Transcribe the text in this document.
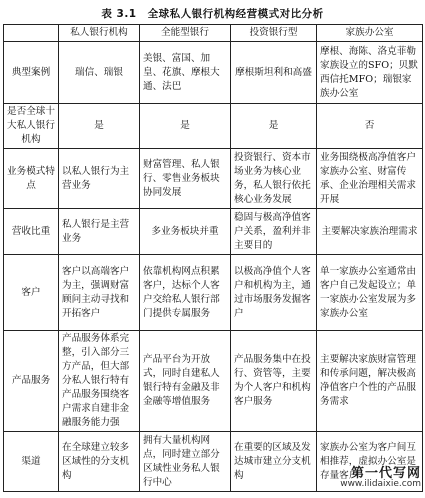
表 3.1　全球私人银行机构经营模式对比分析
	私人银行机构	全能型银行	投资银行型	家族办公室
典型案例	瑞信、瑞银	美银、富国、加皇、花旗、摩根大通、法巴	摩根斯坦利和高盛	摩根、海陈、洛克菲勒家族设立的SFO；贝默西信托MFO；瑞银家族办公室
是否全球十大私人银行机构	是	是	是	否
业务模式特点	以私人银行为主营业务	财富管理、私人银行、零售业务板块协同发展	投资银行、资本市场业务为核心业务，私人银行依托核心业务发展	业务围绕极高净值客户家族办公室、财富传承、企业治理相关需求开展
营收比重	私人银行是主营业务	多业务板块并重	稳固与极高净值客户关系，盈利并非主要目的	主要解决家族治理需求
客户	客户以高端客户为主，强调财富顾问主动寻找和开拓客户	依靠机构网点积累客户，达标个人客户交给私人银行部门提供专属服务	以极高净值个人客户和机构为主，通过市场服务发掘客户	单一家族办公室通常由客户自己发起设立；单一家族办公室发展为多家族办公室
产品服务	产品服务体系完整，引入部分三方产品，但大部分私人银行特有产品服务围绕客户需求自建非金融服务能力强	产品平台为开放式，同时自建私人银行特有金融及非金融等增值服务	产品服务集中在投行、资管等，主要为个人客户和机构客户服务	主要解决家族财富管理和传承问题，解决极高净值客户个性的产品服务需求
渠道	在全球建立较多区域性的分支机构	拥有大量机构网点，同时建立部分区域性业务私人银行中心	在重要的区域及发达城市建立分支机构	家族办公室为客户间互相推荐，虚拟办公室是存量客户
第一代写网
www.ilidaixie.com
